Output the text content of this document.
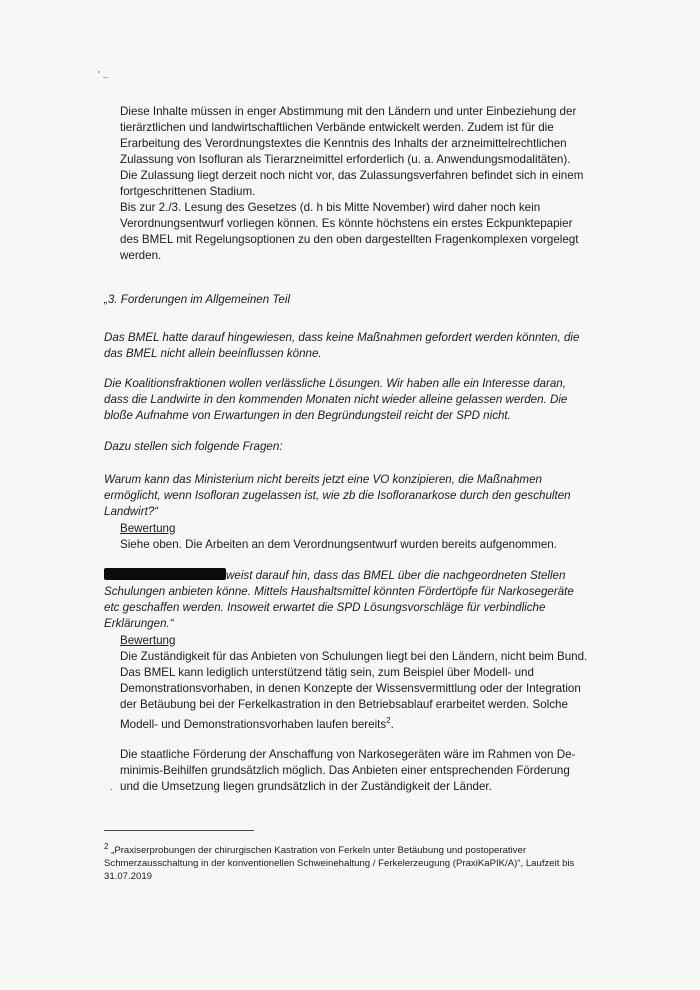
' ..

Diese Inhalte müssen in enger Abstimmung mit den Ländern und unter Einbeziehung der tierärztlichen und landwirtschaftlichen Verbände entwickelt werden. Zudem ist für die Erarbeitung des Verordnungstextes die Kenntnis des Inhalts der arzneimittelrechtlichen Zulassung von Isofluran als Tierarzneimittel erforderlich (u. a. Anwendungsmodalitäten). Die Zulassung liegt derzeit noch nicht vor, das Zulassungsverfahren befindet sich in einem fortgeschrittenen Stadium.

Bis zur 2./3. Lesung des Gesetzes (d. h bis Mitte November) wird daher noch kein Verordnungsentwurf vorliegen können. Es könnte höchstens ein erstes Eckpunktepapier des BMEL mit Regelungsoptionen zu den oben dargestellten Fragenkomplexen vorgelegt werden.

„3. Forderungen im Allgemeinen Teil

Das BMEL hatte darauf hingewiesen, dass keine Maßnahmen gefordert werden könnten, die das BMEL nicht allein beeinflussen könne.

Die Koalitionsfraktionen wollen verlässliche Lösungen. Wir haben alle ein Interesse daran, dass die Landwirte in den kommenden Monaten nicht wieder alleine gelassen werden. Die bloße Aufnahme von Erwartungen in den Begründungsteil reicht der SPD nicht.

Dazu stellen sich folgende Fragen:

Warum kann das Ministerium nicht bereits jetzt eine VO konzipieren, die Maßnahmen ermöglicht, wenn Isofloran zugelassen ist, wie zb die Isofloranarkose durch den geschulten Landwirt?“

Bewertung

Siehe oben. Die Arbeiten an dem Verordnungsentwurf wurden bereits aufgenommen.

weist darauf hin, dass das BMEL über die nachgeordneten Stellen Schulungen anbieten könne. Mittels Haushaltsmittel könnten Fördertöpfe für Narkosegeräte etc geschaffen werden. Insoweit erwartet die SPD Lösungsvorschläge für verbindliche Erklärungen.“

Bewertung

Die Zuständigkeit für das Anbieten von Schulungen liegt bei den Ländern, nicht beim Bund. Das BMEL kann lediglich unterstützend tätig sein, zum Beispiel über Modell- und Demonstrationsvorhaben, in denen Konzepte der Wissensvermittlung oder der Integration der Betäubung bei der Ferkelkastration in den Betriebsablauf erarbeitet werden. Solche Modell- und Demonstrationsvorhaben laufen bereits$^2$.

Die staatliche Förderung der Anschaffung von Narkosegeräten wäre im Rahmen von De-minimis-Beihilfen grundsätzlich möglich. Das Anbieten einer entsprechenden Förderung und die Umsetzung liegen grundsätzlich in der Zuständigkeit der Länder.

.
$^2$ „Praxiserprobungen der chirurgischen Kastration von Ferkeln unter Betäubung und postoperativer Schmerzausschaltung in der konventionellen Schweinehaltung / Ferkelerzeugung (PraxiKaPIK/A)“, Laufzeit bis 31.07.2019
